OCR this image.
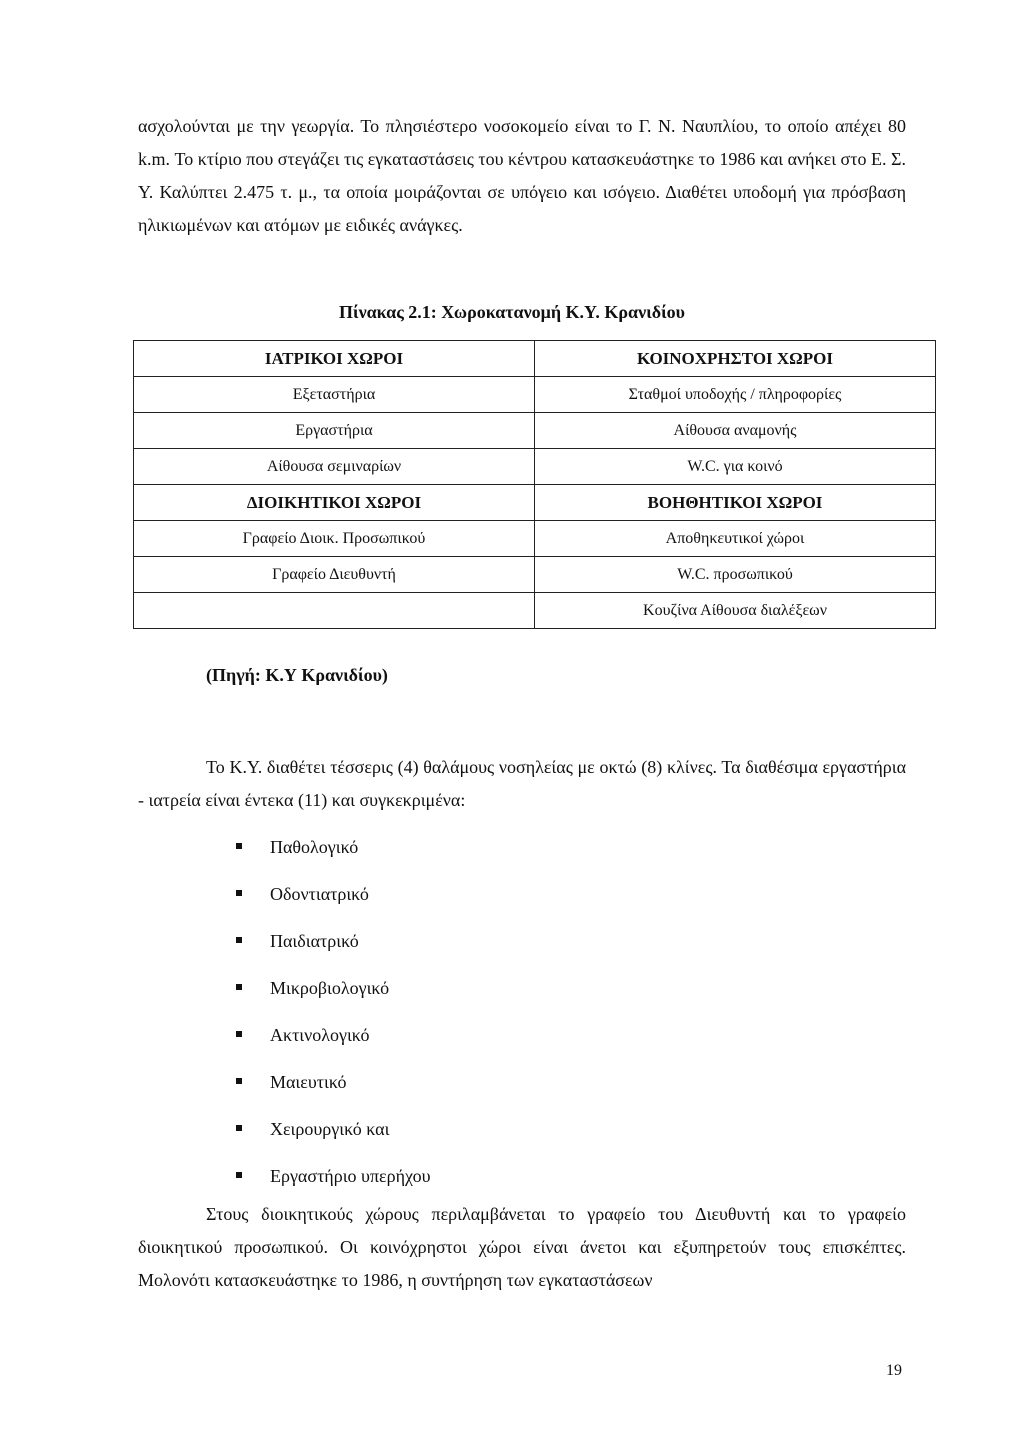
ασχολούνται με την γεωργία. Το πλησιέστερο νοσοκομείο είναι το Γ. Ν. Ναυπλίου, το οποίο απέχει 80 k.m. Το κτίριο που στεγάζει τις εγκαταστάσεις του κέντρου κατασκευάστηκε το 1986 και ανήκει στο Ε. Σ. Υ. Καλύπτει 2.475 τ. μ., τα οποία μοιράζονται σε υπόγειο και ισόγειο. Διαθέτει υποδομή για πρόσβαση ηλικιωμένων και ατόμων με ειδικές ανάγκες.

Πίνακας 2.1: Χωροκατανομή Κ.Υ. Κρανιδίου

ΙΑΤΡΙΚΟΙ ΧΩΡΟΙ	ΚΟΙΝΟΧΡΗΣΤΟΙ ΧΩΡΟΙ
Εξεταστήρια	Σταθμοί υποδοχής / πληροφορίες
Εργαστήρια	Αίθουσα αναμονής
Αίθουσα σεμιναρίων	W.C. για κοινό
ΔΙΟΙΚΗΤΙΚΟΙ ΧΩΡΟΙ	ΒΟΗΘΗΤΙΚΟΙ ΧΩΡΟΙ
Γραφείο Διοικ. Προσωπικού	Αποθηκευτικοί χώροι
Γραφείο Διευθυντή	W.C. προσωπικού
	Κουζίνα Αίθουσα διαλέξεων

(Πηγή: Κ.Υ Κρανιδίου)

Το Κ.Υ. διαθέτει τέσσερις (4) θαλάμους νοσηλείας με οκτώ (8) κλίνες. Τα διαθέσιμα εργαστήρια - ιατρεία είναι έντεκα (11) και συγκεκριμένα:

Παθολογικό
Οδοντιατρικό
Παιδιατρικό
Μικροβιολογικό
Ακτινολογικό
Μαιευτικό
Χειρουργικό και
Εργαστήριο υπερήχου

Στους διοικητικούς χώρους περιλαμβάνεται το γραφείο του Διευθυντή και το γραφείο διοικητικού προσωπικού. Οι κοινόχρηστοι χώροι είναι άνετοι και εξυπηρετούν τους επισκέπτες. Μολονότι κατασκευάστηκε το 1986, η συντήρηση των εγκαταστάσεων

19
